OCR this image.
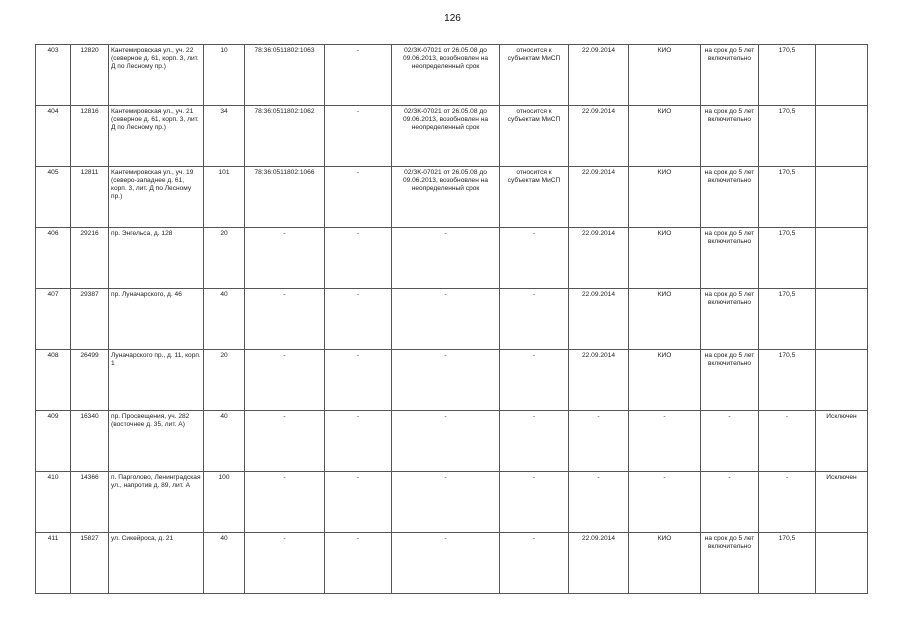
126
403	12820	Кантемировская ул., уч. 22 (северное д. 61, корп. 3, лит. Д по Лесному пр.)	10	78:36:0511802:1063	-	02/ЗК-07021 от 26.05.08 до 09.06.2013, возобновлен на неопределенный срок	относится к субъектам МиСП	22.09.2014	КИО	на срок до 5 лет включительно	170,5	
404	12816	Кантемировская ул., уч. 21 (северное д. 61, корп. 3, лит. Д по Лесному пр.)	34	78:36:0511802:1062	-	02/ЗК-07021 от 26.05.08 до 09.06.2013, возобновлен на неопределенный срок	относится к субъектам МиСП	22.09.2014	КИО	на срок до 5 лет включительно	170,5	
405	12811	Кантемировская ул., уч. 19 (северо-западнее д. 61, корп. 3, лит. Д по Лесному пр.)	101	78:36:0511802:1066	-	02/ЗК-07021 от 26.05.08 до 09.06.2013, возобновлен на неопределенный срок	относится к субъектам МиСП	22.09.2014	КИО	на срок до 5 лет включительно	170,5	
406	29216	пр. Энгельса, д. 128	20	-	-	-	-	22.09.2014	КИО	на срок до 5 лет включительно	170,5	
407	29387	пр. Луначарского, д. 46	40	-	-	-	-	22.09.2014	КИО	на срок до 5 лет включительно	170,5	
408	26499	Луначарского пр., д. 11, корп. 1	20	-	-	-	-	22.09.2014	КИО	на срок до 5 лет включительно	170,5	
409	16340	пр. Просвещения, уч. 282 (восточнее д. 35, лит. А)	40	-	-	-	-	-	-	-	-	Исключен
410	14366	п. Парголово, Ленинградская ул., напротив д. 89, лит. А	100	-	-	-	-	-	-	-	-	Исключен
411	15827	ул. Сикейроса, д. 21	40	-	-	-	-	22.09.2014	КИО	на срок до 5 лет включительно	170,5	
